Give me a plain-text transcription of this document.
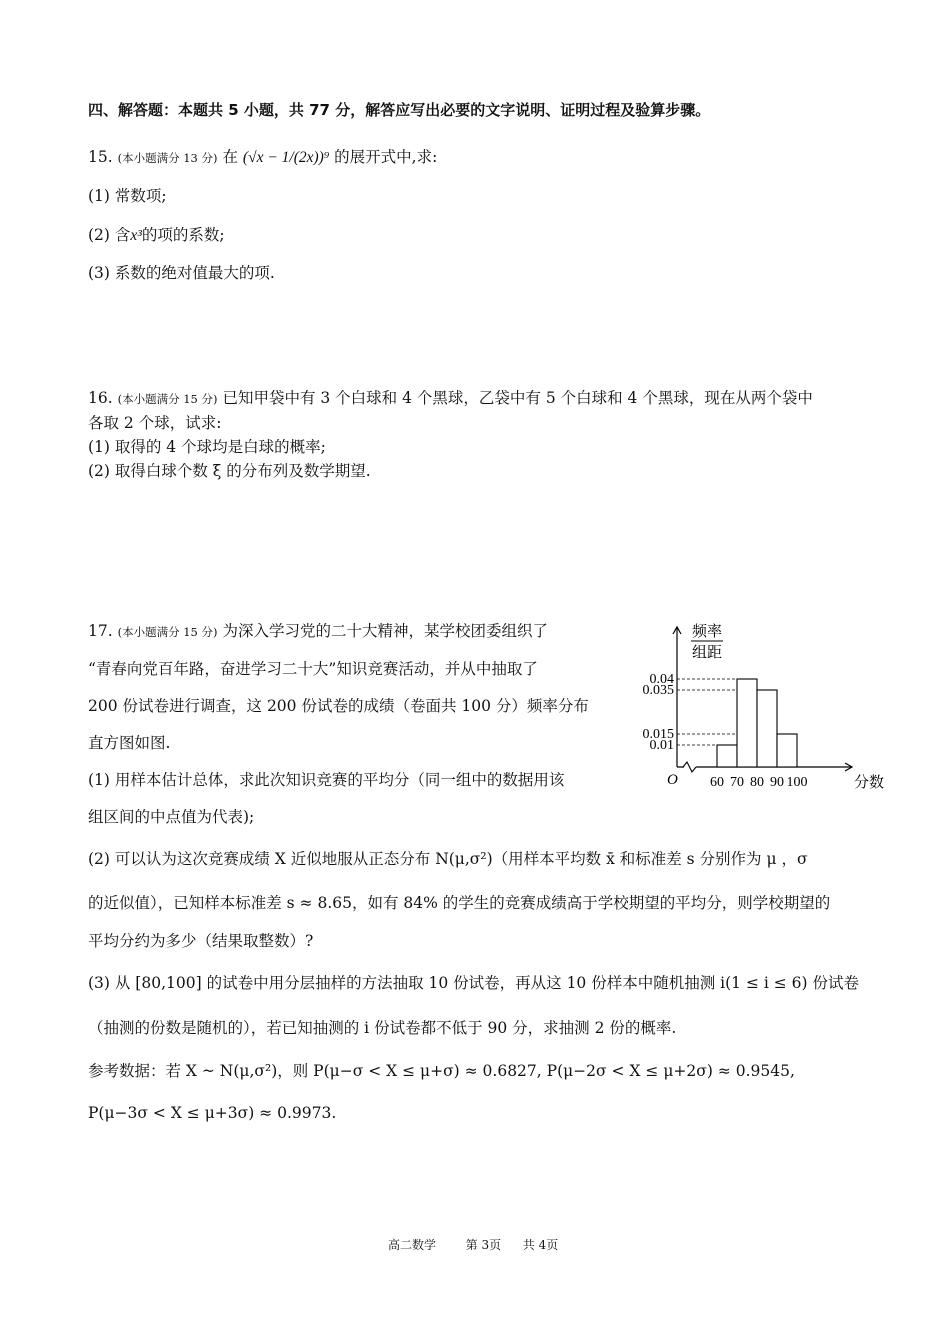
四、解答题：本题共 5 小题，共 77 分，解答应写出必要的文字说明、证明过程及验算步骤。
15. (本小题满分 13 分) 在 (√x − 1/(2x))⁹ 的展开式中,求:
(1) 常数项;
(2) 含x³的项的系数;
(3) 系数的绝对值最大的项.
16. (本小题满分 15 分) 已知甲袋中有 3 个白球和 4 个黑球，乙袋中有 5 个白球和 4 个黑球，现在从两个袋中
各取 2 个球，试求:
(1) 取得的 4 个球均是白球的概率;
(2) 取得白球个数 ξ 的分布列及数学期望.
17. (本小题满分 15 分) 为深入学习党的二十大精神，某学校团委组织了
“青春向党百年路，奋进学习二十大”知识竞赛活动，并从中抽取了
200 份试卷进行调查，这 200 份试卷的成绩（卷面共 100 分）频率分布
直方图如图.
(1) 用样本估计总体，求此次知识竞赛的平均分（同一组中的数据用该
组区间的中点值为代表);
(2) 可以认为这次竞赛成绩 X 近似地服从正态分布 N(μ,σ²)（用样本平均数 x̄ 和标准差 s 分别作为 μ ，σ
的近似值），已知样本标准差 s ≈ 8.65，如有 84% 的学生的竞赛成绩高于学校期望的平均分，则学校期望的
平均分约为多少（结果取整数）?
(3) 从 [80,100] 的试卷中用分层抽样的方法抽取 10 份试卷，再从这 10 份样本中随机抽测 i(1 ≤ i ≤ 6) 份试卷
（抽测的份数是随机的），若已知抽测的 i 份试卷都不低于 90 分，求抽测 2 份的概率.
参考数据：若 X ~ N(μ,σ²)，则 P(μ−σ < X ≤ μ+σ) ≈ 0.6827, P(μ−2σ < X ≤ μ+2σ) ≈ 0.9545,
P(μ−3σ < X ≤ μ+3σ) ≈ 0.9973.
0.01
0.015
0.035
0.04
60 70 80 90 100
O
频率
组距
分数
高二数学 第 3页 共 4页
